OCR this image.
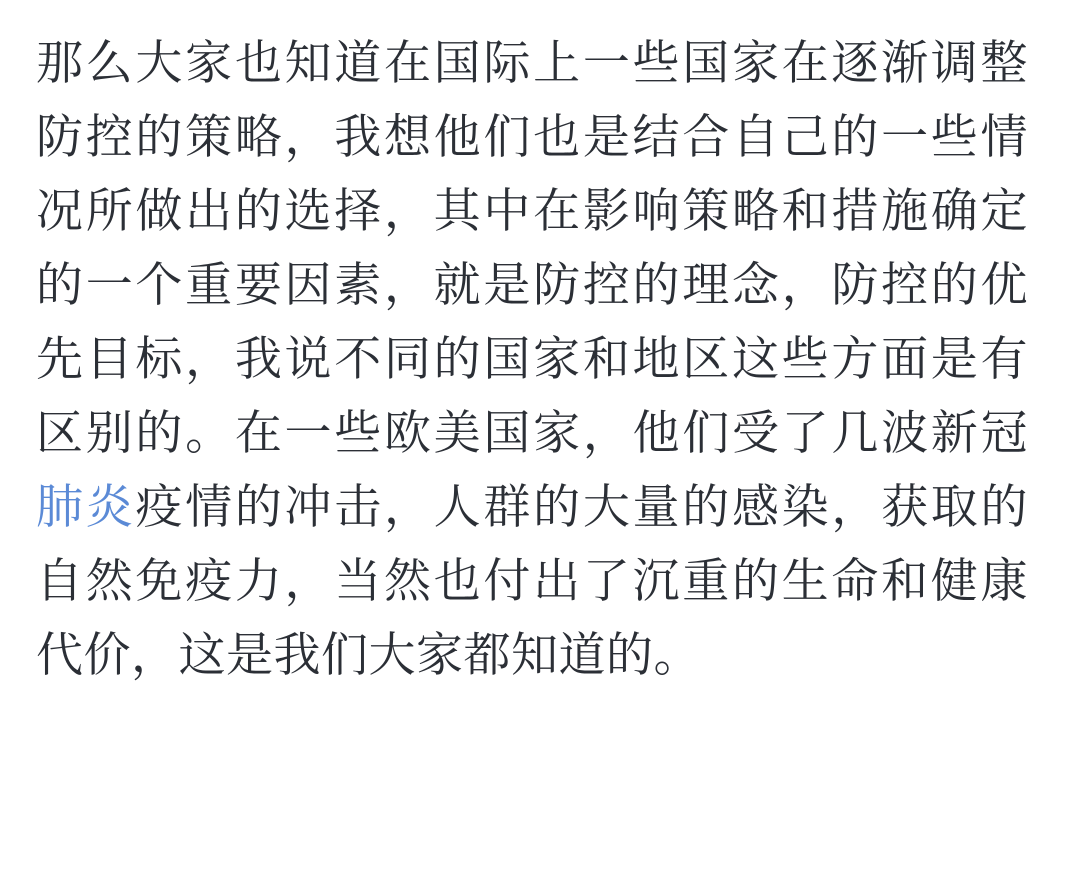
那么大家也知道在国际上一些国家在逐渐调整防控的策略，我想他们也是结合自己的一些情况所做出的选择，其中在影响策略和措施确定的一个重要因素，就是防控的理念，防控的优先目标，我说不同的国家和地区这些方面是有区别的。在一些欧美国家，他们受了几波新冠肺炎疫情的冲击，人群的大量的感染，获取的自然免疫力，当然也付出了沉重的生命和健康代价，这是我们大家都知道的。
